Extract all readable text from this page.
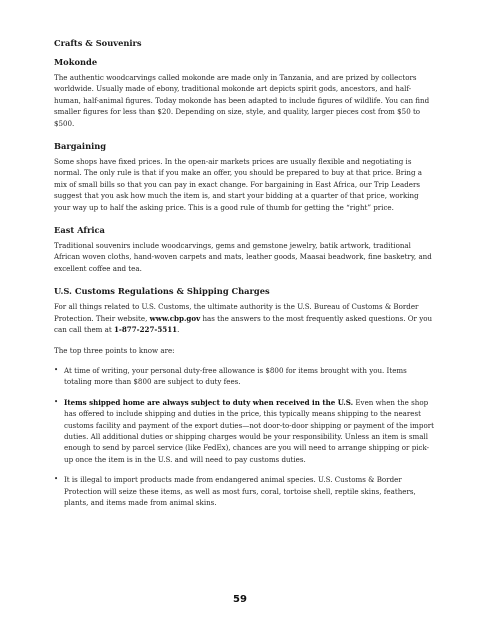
Crafts & Souvenirs
Mokonde

The authentic woodcarvings called mokonde are made only in Tanzania, and are prized by collectors worldwide. Usually made of ebony, traditional mokonde art depicts spirit gods, ancestors, and half-human, half-animal figures. Today mokonde has been adapted to include figures of wildlife. You can find smaller figures for less than $20. Depending on size, style, and quality, larger pieces cost from $50 to $500.

Bargaining

Some shops have fixed prices. In the open-air markets prices are usually flexible and negotiating is normal. The only rule is that if you make an offer, you should be prepared to buy at that price. Bring a mix of small bills so that you can pay in exact change. For bargaining in East Africa, our Trip Leaders suggest that you ask how much the item is, and start your bidding at a quarter of that price, working your way up to half the asking price. This is a good rule of thumb for getting the “right” price.

East Africa

Traditional souvenirs include woodcarvings, gems and gemstone jewelry, batik artwork, traditional African woven cloths, hand-woven carpets and mats, leather goods, Maasai beadwork, fine basketry, and excellent coffee and tea.

U.S. Customs Regulations & Shipping Charges

For all things related to U.S. Customs, the ultimate authority is the U.S. Bureau of Customs & Border Protection. Their website, www.cbp.gov has the answers to the most frequently asked questions. Or you can call them at 1-877-227-5511.

The top three points to know are:

• At time of writing, your personal duty-free allowance is $800 for items brought with you. Items totaling more than $800 are subject to duty fees.
• Items shipped home are always subject to duty when received in the U.S. Even when the shop has offered to include shipping and duties in the price, this typically means shipping to the nearest customs facility and payment of the export duties—not door-to-door shipping or payment of the import duties. All additional duties or shipping charges would be your responsibility. Unless an item is small enough to send by parcel service (like FedEx), chances are you will need to arrange shipping or pick-up once the item is in the U.S. and will need to pay customs duties.
• It is illegal to import products made from endangered animal species. U.S. Customs & Border Protection will seize these items, as well as most furs, coral, tortoise shell, reptile skins, feathers, plants, and items made from animal skins.
59
